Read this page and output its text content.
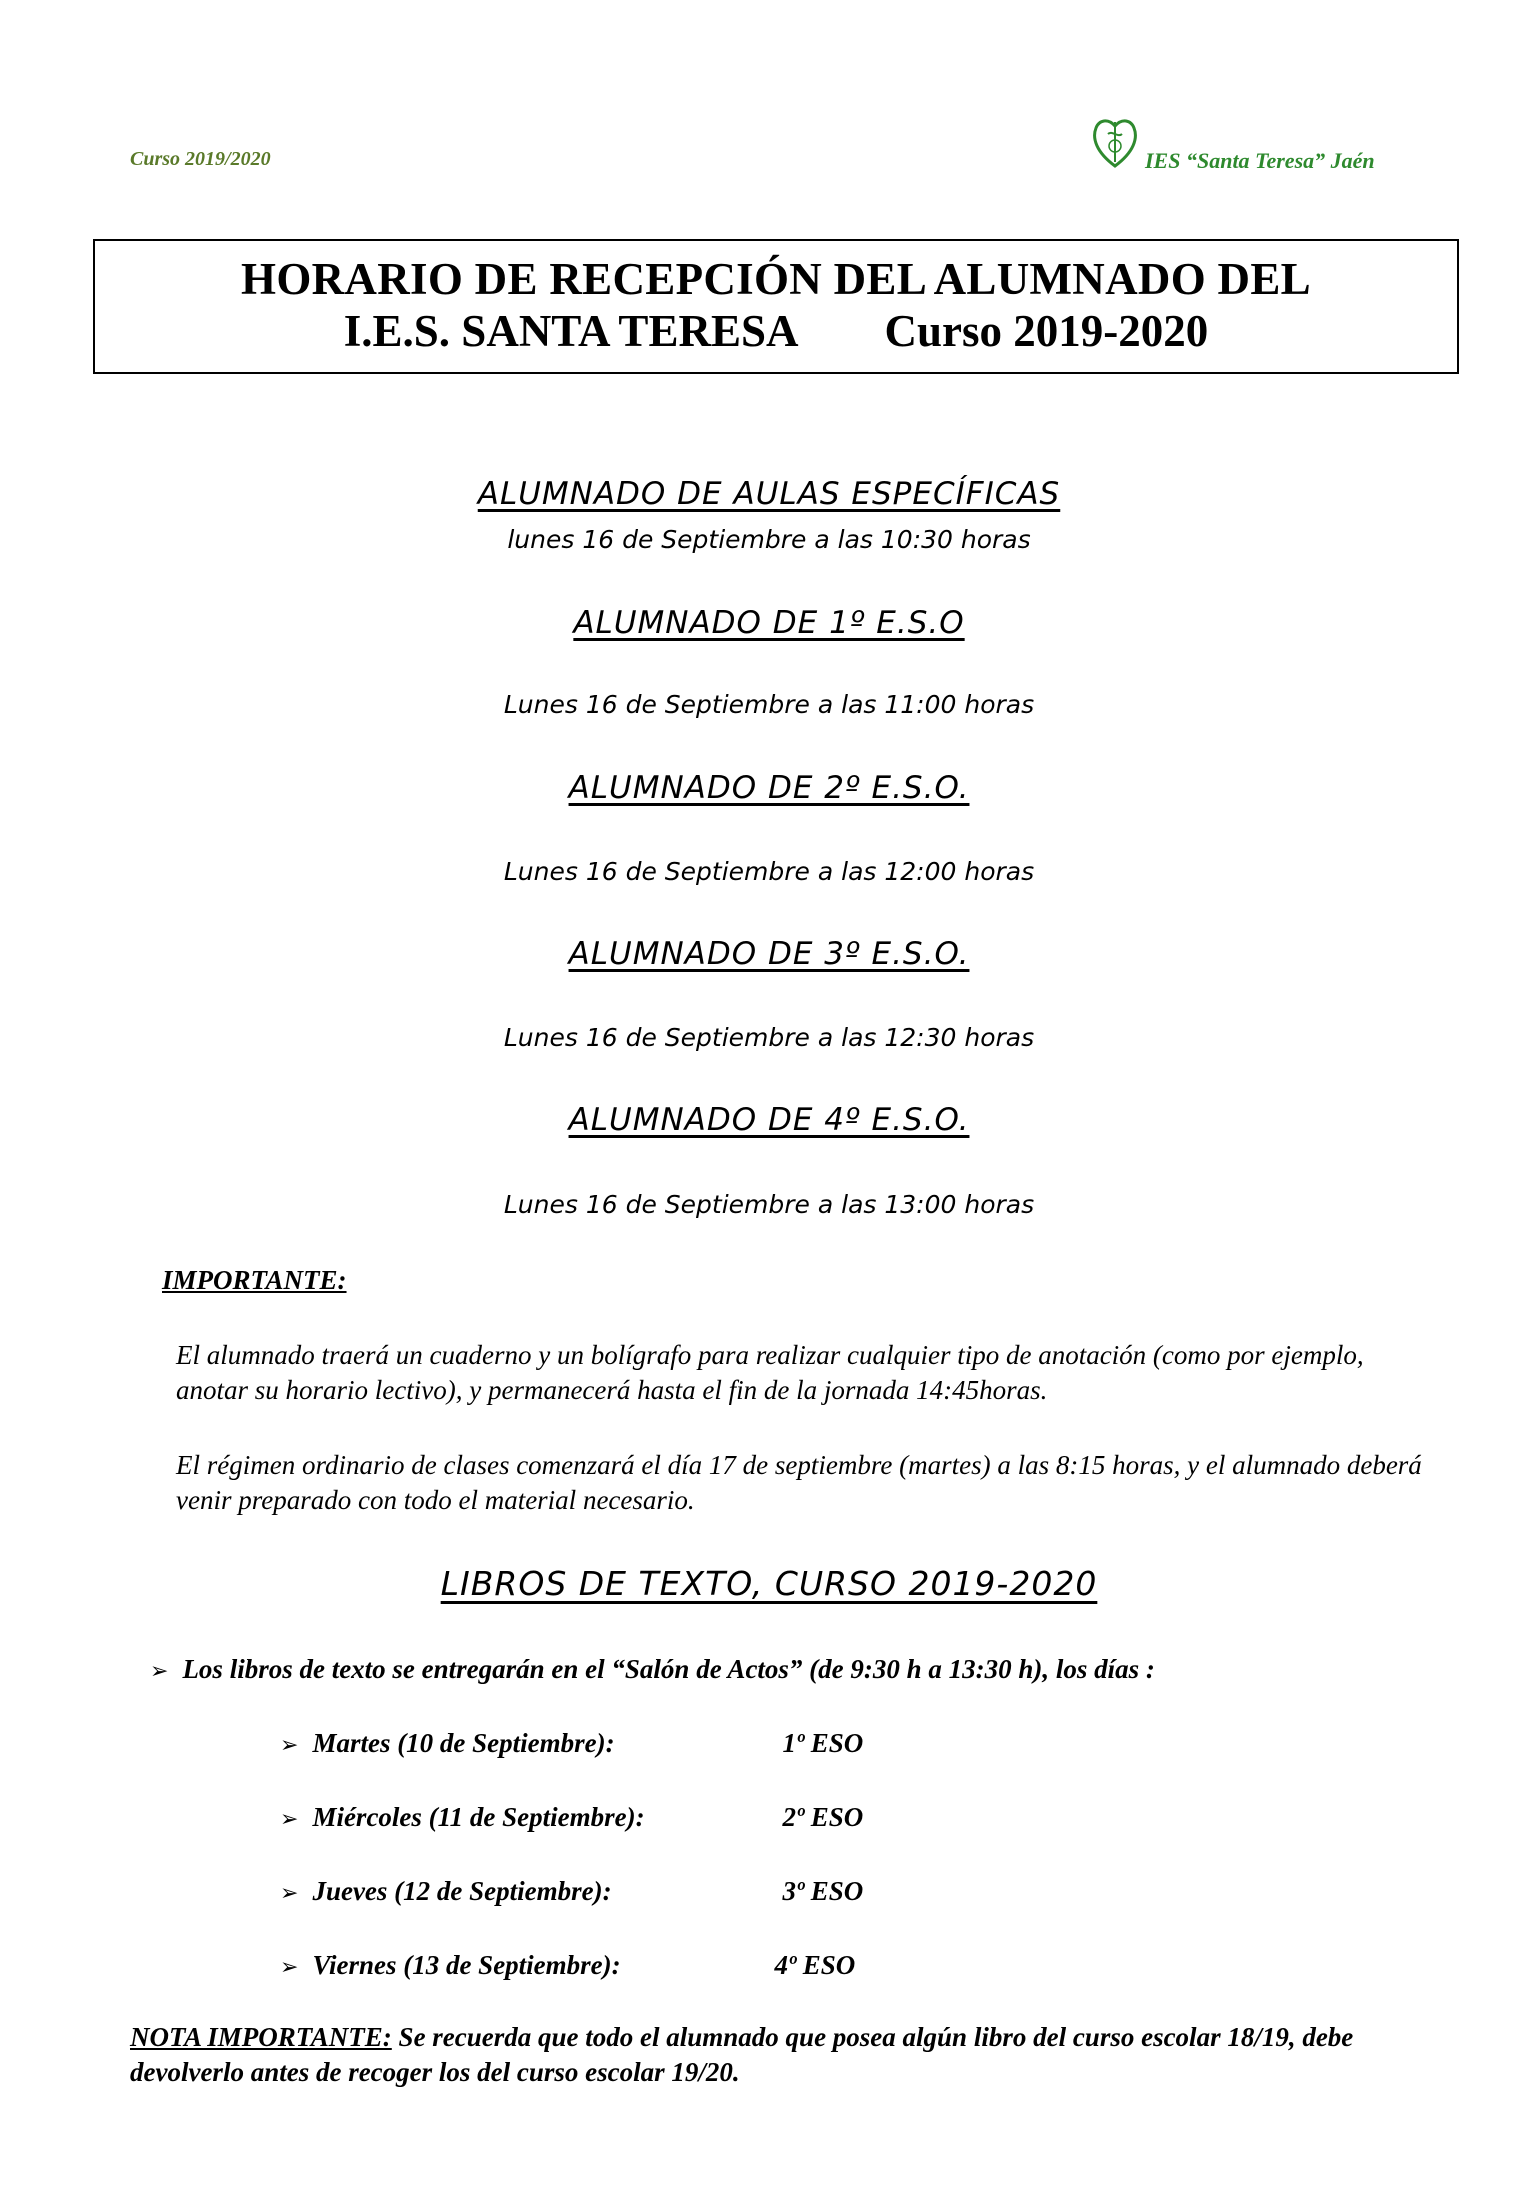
Curso 2019/2020	IES “Santa Teresa” Jaén
HORARIO DE RECEPCIÓN DEL ALUMNADO DEL
I.E.S. SANTA TERESA Curso 2019-2020
ALUMNADO DE AULAS ESPECÍFICAS
lunes 16 de Septiembre a las 10:30 horas
ALUMNADO DE 1º E.S.O
Lunes 16 de Septiembre a las 11:00 horas
ALUMNADO DE 2º E.S.O.
Lunes 16 de Septiembre a las 12:00 horas
ALUMNADO DE 3º E.S.O.
Lunes 16 de Septiembre a las 12:30 horas
ALUMNADO DE 4º E.S.O.
Lunes 16 de Septiembre a las 13:00 horas
IMPORTANTE:
El alumnado traerá un cuaderno y un bolígrafo para realizar cualquier tipo de anotación (como por ejemplo, anotar su horario lectivo), y permanecerá hasta el fin de la jornada 14:45horas.
El régimen ordinario de clases comenzará el día 17 de septiembre (martes) a las 8:15 horas, y el alumnado deberá venir preparado con todo el material necesario.
LIBROS DE TEXTO, CURSO 2019-2020
➢ Los libros de texto se entregarán en el “Salón de Actos” (de 9:30 h a 13:30 h), los días :
➢ Martes (10 de Septiembre):	1º ESO
➢ Miércoles (11 de Septiembre):	2º ESO
➢ Jueves (12 de Septiembre):	3º ESO
➢ Viernes (13 de Septiembre):	4º ESO
NOTA IMPORTANTE: Se recuerda que todo el alumnado que posea algún libro del curso escolar 18/19, debe devolverlo antes de recoger los del curso escolar 19/20.
